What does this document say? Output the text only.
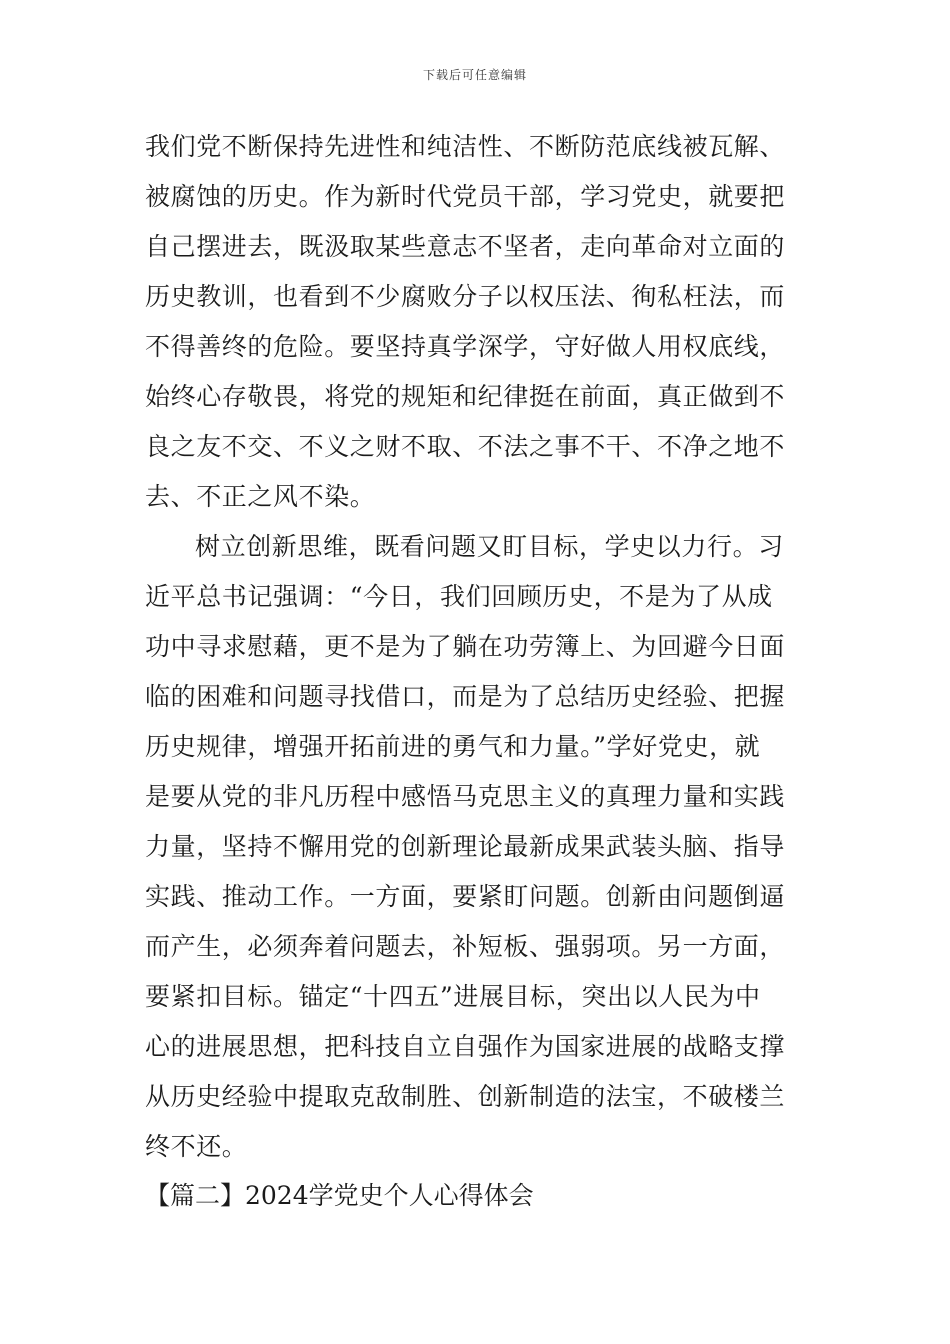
下载后可任意编辑
我们党不断保持先进性和纯洁性、不断防范底线被瓦解、
被腐蚀的历史。作为新时代党员干部，学习党史，就要把
自己摆进去，既汲取某些意志不坚者，走向革命对立面的
历史教训，也看到不少腐败分子以权压法、徇私枉法，而
不得善终的危险。要坚持真学深学，守好做人用权底线，
始终心存敬畏，将党的规矩和纪律挺在前面，真正做到不
良之友不交、不义之财不取、不法之事不干、不净之地不
去、不正之风不染。
树立创新思维，既看问题又盯目标，学史以力行。习
近平总书记强调：“今日，我们回顾历史，不是为了从成
功中寻求慰藉，更不是为了躺在功劳簿上、为回避今日面
临的困难和问题寻找借口，而是为了总结历史经验、把握
历史规律，增强开拓前进的勇气和力量。”学好党史，就
是要从党的非凡历程中感悟马克思主义的真理力量和实践
力量，坚持不懈用党的创新理论最新成果武装头脑、指导
实践、推动工作。一方面，要紧盯问题。创新由问题倒逼
而产生，必须奔着问题去，补短板、强弱项。另一方面，
要紧扣目标。锚定“十四五”进展目标，突出以人民为中
心的进展思想，把科技自立自强作为国家进展的战略支撑
从历史经验中提取克敌制胜、创新制造的法宝，不破楼兰
终不还。
【篇二】2024学党史个人心得体会
